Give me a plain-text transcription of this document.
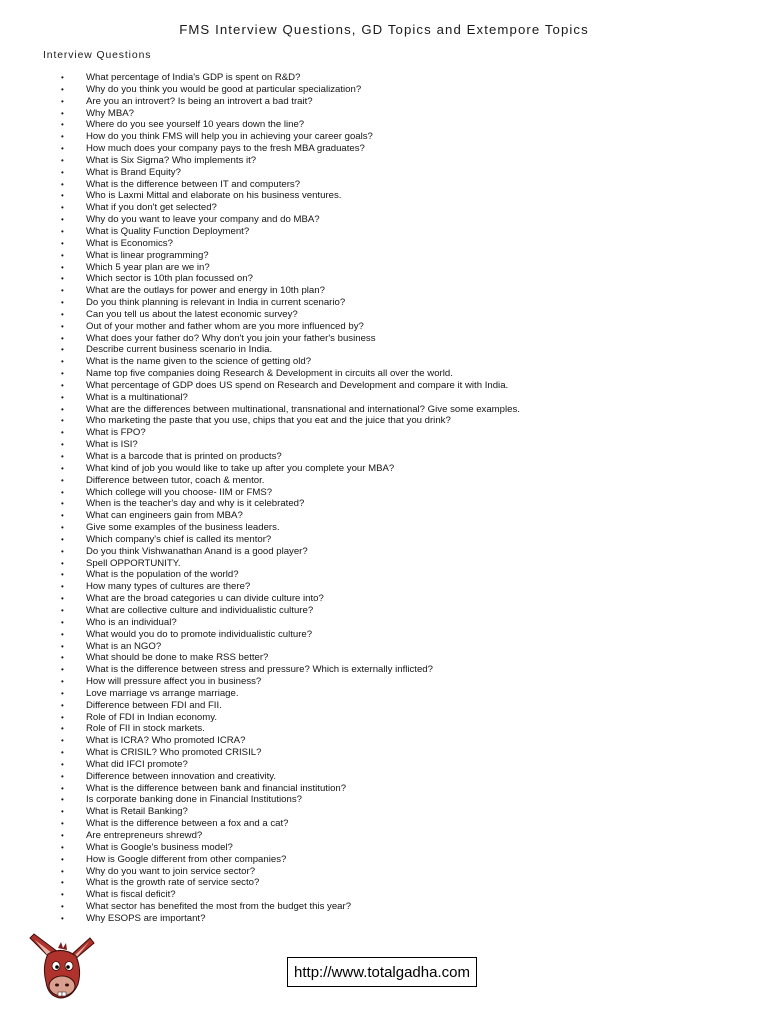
FMS Interview Questions, GD Topics and Extempore Topics
Interview Questions
• What percentage of India's GDP is spent on R&D?
• Why do you think you would be good at particular specialization?
• Are you an introvert? Is being an introvert a bad trait?
• Why MBA?
• Where do you see yourself 10 years down the line?
• How do you think FMS will help you in achieving your career goals?
• How much does your company pays to the fresh MBA graduates?
• What is Six Sigma? Who implements it?
• What is Brand Equity?
• What is the difference between IT and computers?
• Who is Laxmi Mittal and elaborate on his business ventures.
• What if you don't get selected?
• Why do you want to leave your company and do MBA?
• What is Quality Function Deployment?
• What is Economics?
• What is linear programming?
• Which 5 year plan are we in?
• Which sector is 10th plan focussed on?
• What are the outlays for power and energy in 10th plan?
• Do you think planning is relevant in India in current scenario?
• Can you tell us about the latest economic survey?
• Out of your mother and father whom are you more influenced by?
• What does your father do? Why don't you join your father's business
• Describe current business scenario in India.
• What is the name given to the science of getting old?
• Name top five companies doing Research & Development in circuits all over the world.
• What percentage of GDP does US spend on Research and Development and compare it with India.
• What is a multinational?
• What are the differences between multinational, transnational and international? Give some examples.
• Who marketing the paste that you use, chips that you eat and the juice that you drink?
• What is FPO?
• What is ISI?
• What is a barcode that is printed on products?
• What kind of job you would like to take up after you complete your MBA?
• Difference between tutor, coach & mentor.
• Which college will you choose- IIM or FMS?
• When is the teacher's day and why is it celebrated?
• What can engineers gain from MBA?
• Give some examples of the business leaders.
• Which company's chief is called its mentor?
• Do you think Vishwanathan Anand is a good player?
• Spell OPPORTUNITY.
• What is the population of the world?
• How many types of cultures are there?
• What are the broad categories u can divide culture into?
• What are collective culture and individualistic culture?
• Who is an individual?
• What would you do to promote individualistic culture?
• What is an NGO?
• What should be done to make RSS better?
• What is the difference between stress and pressure? Which is externally inflicted?
• How will pressure affect you in business?
• Love marriage vs arrange marriage.
• Difference between FDI and FII.
• Role of FDI in Indian economy.
• Role of FII in stock markets.
• What is ICRA? Who promoted ICRA?
• What is CRISIL? Who promoted CRISIL?
• What did IFCI promote?
• Difference between innovation and creativity.
• What is the difference between bank and financial institution?
• Is corporate banking done in Financial Institutions?
• What is Retail Banking?
• What is the difference between a fox and a cat?
• Are entrepreneurs shrewd?
• What is Google's business model?
• How is Google different from other companies?
• Why do you want to join service sector?
• What is the growth rate of service secto?
• What is fiscal deficit?
• What sector has benefited the most from the budget this year?
• Why ESOPS are important?
http://www.totalgadha.com
